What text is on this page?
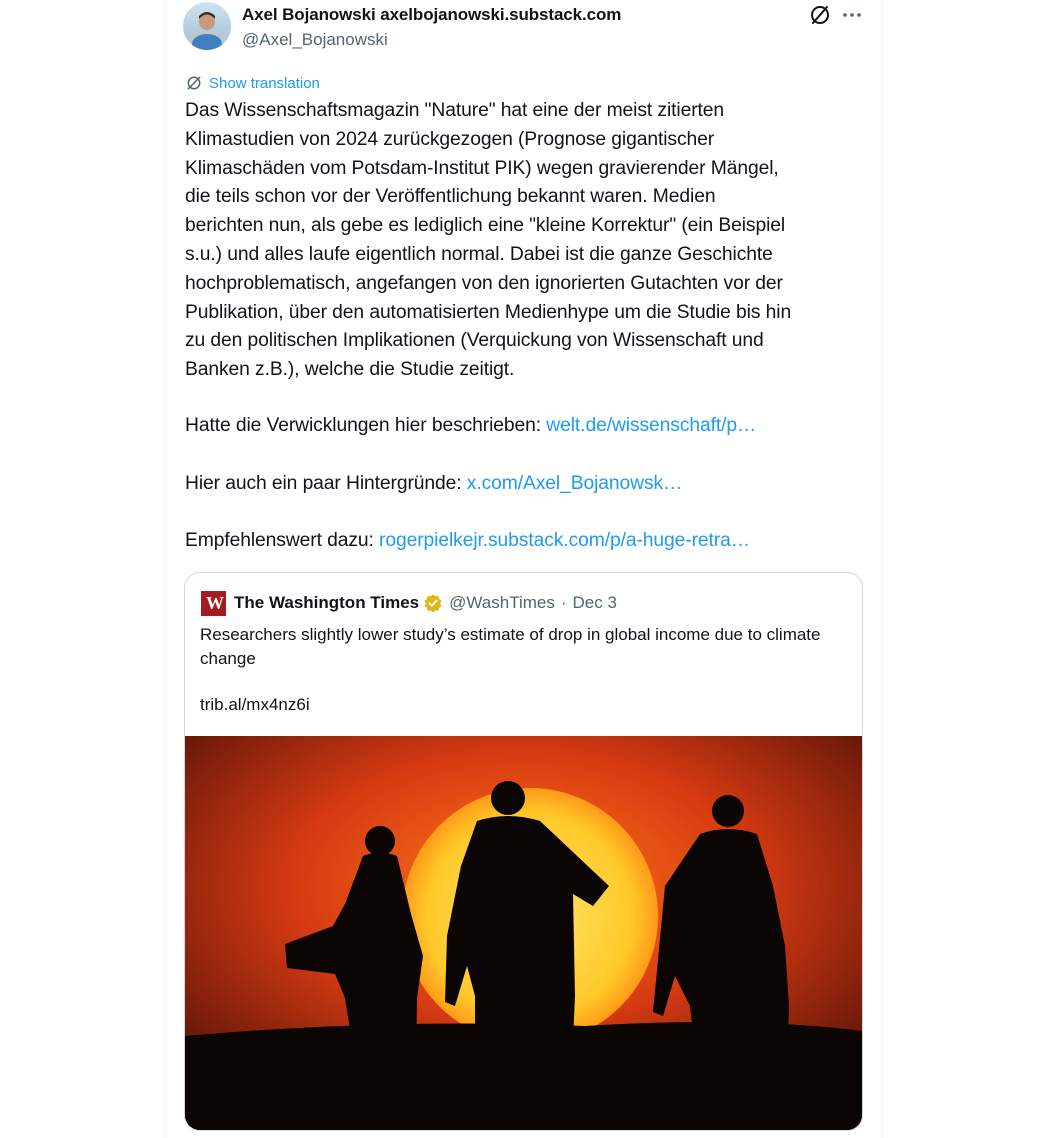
Axel Bojanowski axelbojanowski.substack.com
@Axel_Bojanowski
Show translation
Das Wissenschaftsmagazin "Nature" hat eine der meist zitierten
Klimastudien von 2024 zurückgezogen (Prognose gigantischer
Klimaschäden vom Potsdam-Institut PIK) wegen gravierender Mängel,
die teils schon vor der Veröffentlichung bekannt waren. Medien
berichten nun, als gebe es lediglich eine "kleine Korrektur" (ein Beispiel
s.u.) und alles laufe eigentlich normal. Dabei ist die ganze Geschichte
hochproblematisch, angefangen von den ignorierten Gutachten vor der
Publikation, über den automatisierten Medienhype um die Studie bis hin
zu den politischen Implikationen (Verquickung von Wissenschaft und
Banken z.B.), welche die Studie zeitigt.
Hatte die Verwicklungen hier beschrieben: welt.de/wissenschaft/p…
Hier auch ein paar Hintergründe: x.com/Axel_Bojanowsk…
Empfehlenswert dazu: rogerpielkejr.substack.com/p/a-huge-retra…
W The Washington Times @WashTimes · Dec 3
Researchers slightly lower study’s estimate of drop in global income due to climate change
trib.al/mx4nz6i
